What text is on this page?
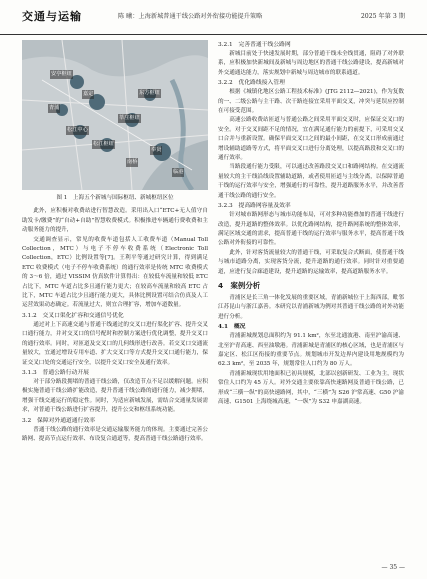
交通与运输	陈 曦：上海新城普通干线公路对外衔接功能提升策略	2025 年第 3 期
安亭枢纽
嘉定
青浦
莘庄枢纽
松江中心
松江枢纽
东方枢纽
南桥
奉贤
临港

图 1　上海五个新城与国际枢纽、新城枢纽区位

此外，应积极对收费站进行智慧改造。采用出入口“ETC+无人值守自助发卡/缴费”的“自动+自助”智慧收费模式。积极推进车辆通行费收费和主动服务能力的提升，

交通调查显示，常见的收费车道包括人工收费车道（Manual Toll Collection，MTC）与电子不停车收费系统（Electronic Toll Collection，ETC）比例设置等[7]。王利平等通过研究计算，得到满足 ETC 收费模式（电子不停车收费系统）的通行效率是传统 MTC 收费模式的 3～6 倍，通过 VISSIM 仿真软件计算得出：在较低车流量和较低 ETC 占比下，MTC 车道占比多且通行能力更大；在较高车流量和较高 ETC 占比下，MTC 车道占比少且通行能力更大，具体比例设置可结合仿真及人工运营效果动态确定。若流量过大，则宜合理扩容，增加车道数量。

3.1.2　交叉口渠化扩容和交通信号优化

通过对上下高速交通与普通干线通过的交叉口进行渠化扩容、提升交叉口通行能力，并对交叉口的信号配时和控制方案进行优化调整，提升交叉口的通行效率。同时，对匝道及交叉口的几何线形进行改善。若交叉口交通流量较大，宜通过增设专用车道、扩大交叉口等方式提升交叉口通行能力，保证交叉口处的交通运行安全，以提升交叉口安全及通行效率。

3.1.3　普通公路行动开展

对于部分路段拥堵的普通干线公路，仅改造节点不足以缓解问题。应积极实施普通干线公路扩能改造，提升普通干线公路的通行能力，减少拥堵，增强干线交通运行的稳定性。同时，为适应新城发展，需结合交通量发展需求，对普通干线公路进行扩容提升，提升公交和枢纽系统功能。

3.2　保障对外通道通行效率

普通干线公路的通行效率是交通运输服务能力的体现。主要通过完善公路网、提高节点运行效率、布设复合通道等，提高普通干线公路通行效率。

3.2.1　完善普通干线公路网

新城目前处于快速发展时期，部分普通干线未全线贯通，阻碍了对外联系，应积极加快新城间及新城与周边地区的普通干线公路建设，提高新城对外交通通达能力，落实规划中新城与周边城市的联系通道。

3.2.2　优化路线接入管理

根据《城镇化地区公路工程技术标准》(JTG 2112—2021)，作为复数的一、二级公路与主干路、次干路连接宜采用平面交叉，冲突与延误应控制在可接受范围。

高速公路收费站匝道与普通公路之间采用平面交叉时，应保证交叉口的安全。对于交叉间距不足的情况，宜在满足通行能力的前提下，可采用交叉口合并与重新设置。确保平面交叉口之间的最小间距，在交叉口形成前通过增设辅助道路等方式，将平面交叉口进行分离处理，以提高路段和交叉口的通行效率。

当路段通行能力受限，可以通过改善路段交叉口和路网结构。在交通流量较大的主干线沿线设置辅助道路，或者使用匝道与主线分离，以保障普通干线的运行效率与安全，增强通行的可靠性，提升道路服务水平，并改善普通干线公路的通行安全。

3.2.3　提高路网容量及效率

针对城市路网形态与城市功能布局，可对多种功能叠加的普通干线进行改造，提升道路的整体效率。以优化路网结构，提升路网系统的整体效率，满足区域交通的需求，提高普通干线的运行效率与服务水平，提高普通干线公路对外衔接的可靠性。

此外，针对客货流量较大的普通干线，可采取复合式断面，使普通干线与城市道路分离，实现客货分流，提升道路的通行效率。同时针对重要通道，应进行复合廊道建设，提升道路的运输效率，提高道路服务水平。

4　案例分析

青浦区是长三角一体化发展的重要区域，青浦新城位于上海西部，毗邻江苏昆山与浙江嘉善。本研究以青浦新城为例对其普通干线公路的对外功能进行分析。

4.1　概况

青浦新城规划总面积约为 91.1 km²，东至北通波港、南至沪渝高速、北至沪青高速、西至油墩港。青浦新城是青浦区的核心区域，也是青浦区与嘉定区、松江区衔接的重要节点。规划城市开发边界内建设用地规模约为 62.3 km²，至 2035 年，规划常住人口约为 80 万人。

青浦新城现状用地面积已初具规模，北部以创新研发、工业为主，现状常住人口约为 45 万人。对外交通主要依靠高快速路网及普通干线公路，已形成“三横一纵”的高快速路网，其中，“三横”为 S26 沪常高速、G50 沪渝高速、G1501 上海绕城高速，“一纵”为 S32 申嘉湖高速。

— 35 —
